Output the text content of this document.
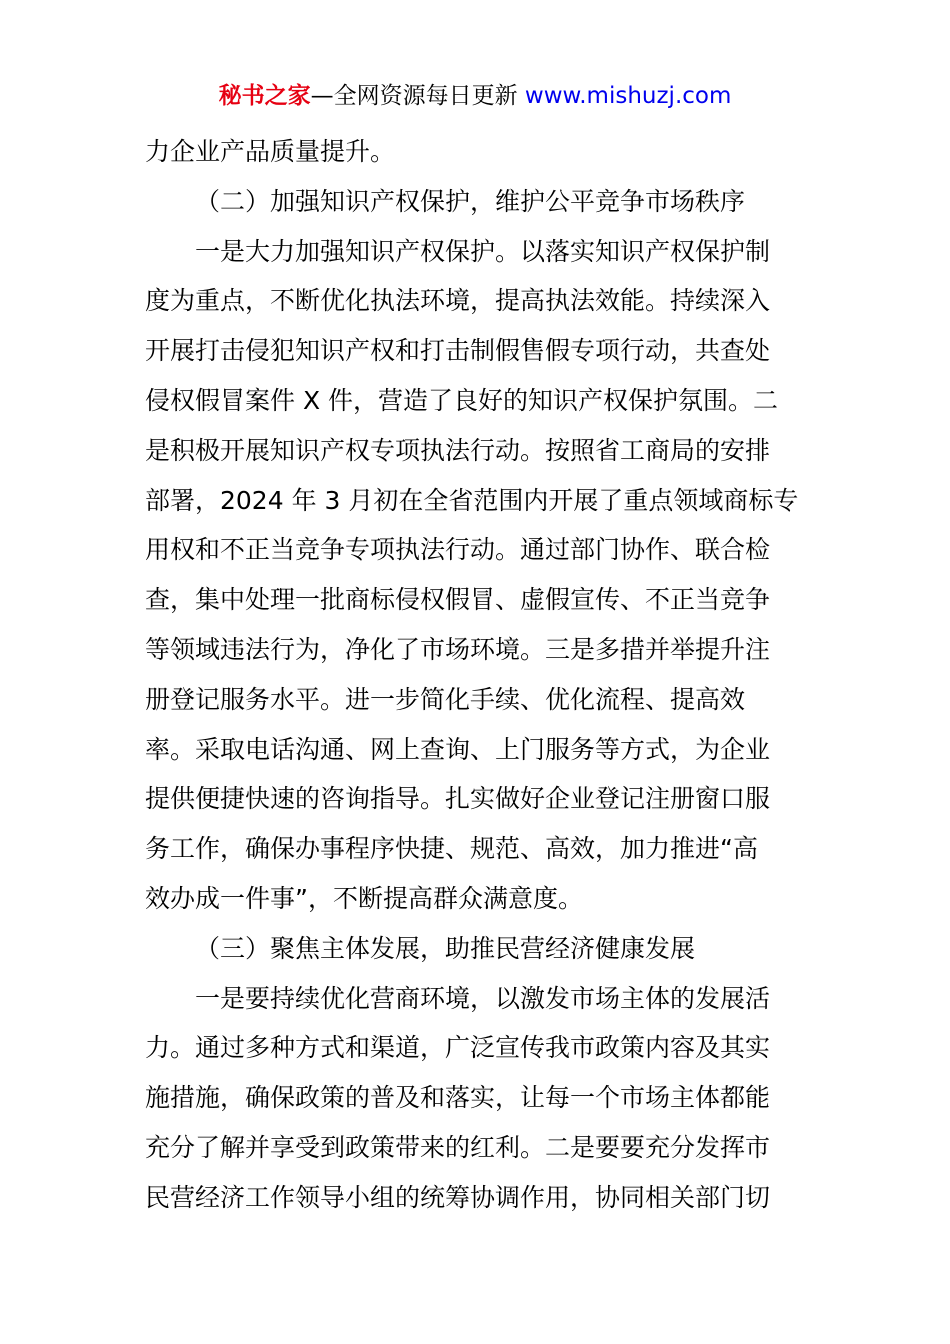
秘书之家—全网资源每日更新 www.mishuzj.com
力企业产品质量提升。
（二）加强知识产权保护，维护公平竞争市场秩序
一是大力加强知识产权保护。以落实知识产权保护制
度为重点，不断优化执法环境，提高执法效能。持续深入
开展打击侵犯知识产权和打击制假售假专项行动，共查处
侵权假冒案件 X 件，营造了良好的知识产权保护氛围。二
是积极开展知识产权专项执法行动。按照省工商局的安排
部署，2024 年 3 月初在全省范围内开展了重点领域商标专
用权和不正当竞争专项执法行动。通过部门协作、联合检
查，集中处理一批商标侵权假冒、虚假宣传、不正当竞争
等领域违法行为，净化了市场环境。三是多措并举提升注
册登记服务水平。进一步简化手续、优化流程、提高效
率。采取电话沟通、网上查询、上门服务等方式，为企业
提供便捷快速的咨询指导。扎实做好企业登记注册窗口服
务工作，确保办事程序快捷、规范、高效，加力推进“高
效办成一件事”，不断提高群众满意度。
（三）聚焦主体发展，助推民营经济健康发展
一是要持续优化营商环境，以激发市场主体的发展活
力。通过多种方式和渠道，广泛宣传我市政策内容及其实
施措施，确保政策的普及和落实，让每一个市场主体都能
充分了解并享受到政策带来的红利。二是要要充分发挥市
民营经济工作领导小组的统筹协调作用，协同相关部门切
